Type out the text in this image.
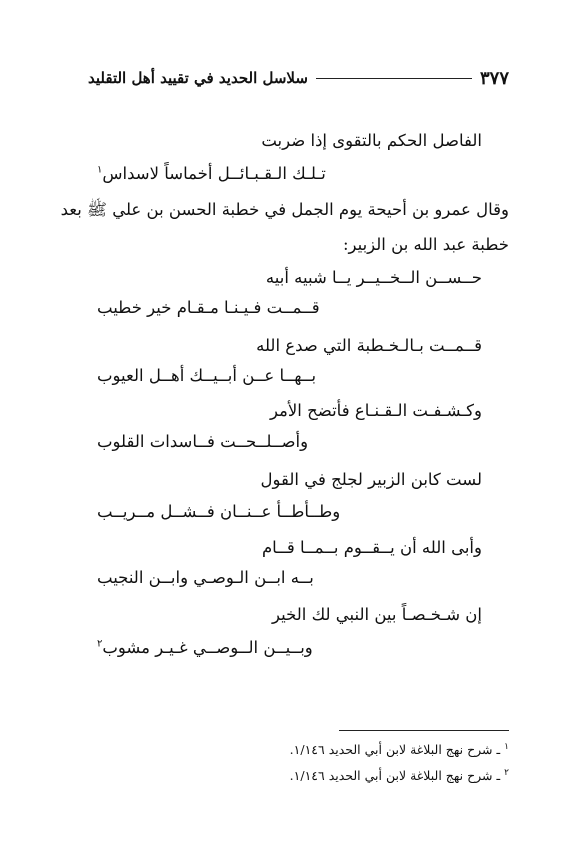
٣٧٧
سلاسل الحديد في تقييد أهل التقليد
الفاصل الحكم بالتقوى إذا ضربت
تـلـك الـقـبـائــل أخماساً لاسداس$^١$
وقال عمرو بن أحيحة يوم الجمل في خطبة الحسن بن علي ﷺ بعد
خطبة عبد الله بن الزبير:
حــســن الــخــيــر يــا شبيه أبيه
قــمــت فـيـنـا مـقـام خير خطيب
قــمــت بـالـخـطبة التي صدع الله
بــهــا عــن أبــيــك أهــل العيوب
وكـشـفـت الـقـنـاع فأتضح الأمر
وأصــلــحــت فــاسدات القلوب
لست كابن الزبير لجلج في القول
وطــأطــأ عــنــان فــشــل مــريــب
وأبى الله أن يــقــوم بــمــا قــام
بــه ابــن الـوصـي وابــن النجيب
إن شـخـصـاً بين النبي لك الخير
وبــيــن الــوصــي غـيـر مشوب$^٢$
$^١$ـ شرح نهج البلاغة لابن أبي الحديد ١/١٤٦.
$^٢$ـ شرح نهج البلاغة لابن أبي الحديد ١/١٤٦.
